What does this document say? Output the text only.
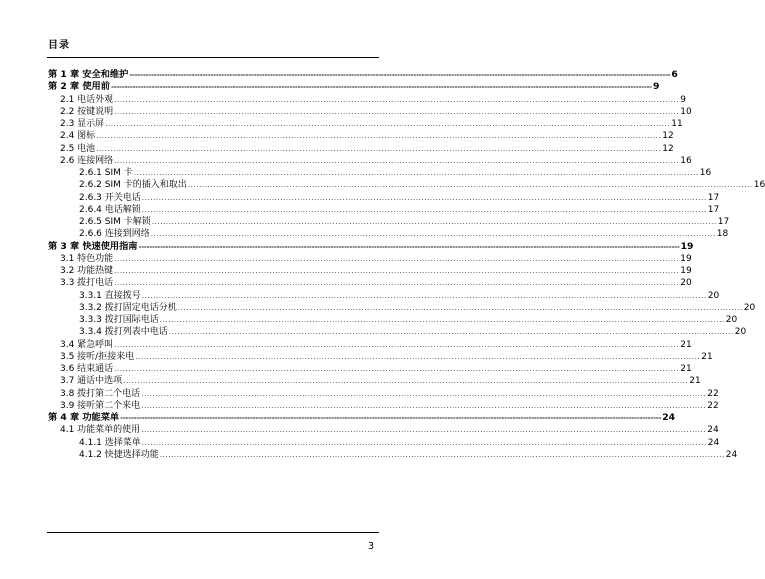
目录
第 1 章 安全和维护 -------------------------------------------------------------------------------------------------------------------------------------------------------------------------------------------------------- 6
第 2 章 使用前 -------------------------------------------------------------------------------------------------------------------------------------------------------------------------------------------------------- 9
2.1 电话外观 ........................................................................................................................................................................................................ 9
2.2 按键说明 ........................................................................................................................................................................................................ 10
2.3 显示屏 ........................................................................................................................................................................................................ 11
2.4 图标 ........................................................................................................................................................................................................ 12
2.5 电池 ........................................................................................................................................................................................................ 12
2.6 连接网络 ........................................................................................................................................................................................................ 16
2.6.1 SIM 卡 ........................................................................................................................................................................................................ 16
2.6.2 SIM 卡的插入和取出 ........................................................................................................................................................................................................ 16
2.6.3 开关电话 ........................................................................................................................................................................................................ 17
2.6.4 电话解锁 ........................................................................................................................................................................................................ 17
2.6.5 SIM 卡解锁 ........................................................................................................................................................................................................ 17
2.6.6 连接到网络 ........................................................................................................................................................................................................ 18
第 3 章 快速使用指南 -------------------------------------------------------------------------------------------------------------------------------------------------------------------------------------------------------- 19
3.1 特色功能 ........................................................................................................................................................................................................ 19
3.2 功能热键 ........................................................................................................................................................................................................ 19
3.3 拨打电话 ........................................................................................................................................................................................................ 20
3.3.1 直接拨号 ........................................................................................................................................................................................................ 20
3.3.2 拨打固定电话分机 ........................................................................................................................................................................................................ 20
3.3.3 拨打国际电话 ........................................................................................................................................................................................................ 20
3.3.4 拨打列表中电话 ........................................................................................................................................................................................................ 20
3.4 紧急呼叫 ........................................................................................................................................................................................................ 21
3.5 接听/拒接来电 ........................................................................................................................................................................................................ 21
3.6 结束通话 ........................................................................................................................................................................................................ 21
3.7 通话中选项 ........................................................................................................................................................................................................ 21
3.8 拨打第二个电话 ........................................................................................................................................................................................................ 22
3.9 接听第二个来电 ........................................................................................................................................................................................................ 22
第 4 章 功能菜单 -------------------------------------------------------------------------------------------------------------------------------------------------------------------------------------------------------- 24
4.1 功能菜单的使用 ........................................................................................................................................................................................................ 24
4.1.1 选择菜单 ........................................................................................................................................................................................................ 24
4.1.2 快捷选择功能 ........................................................................................................................................................................................................ 24
3
